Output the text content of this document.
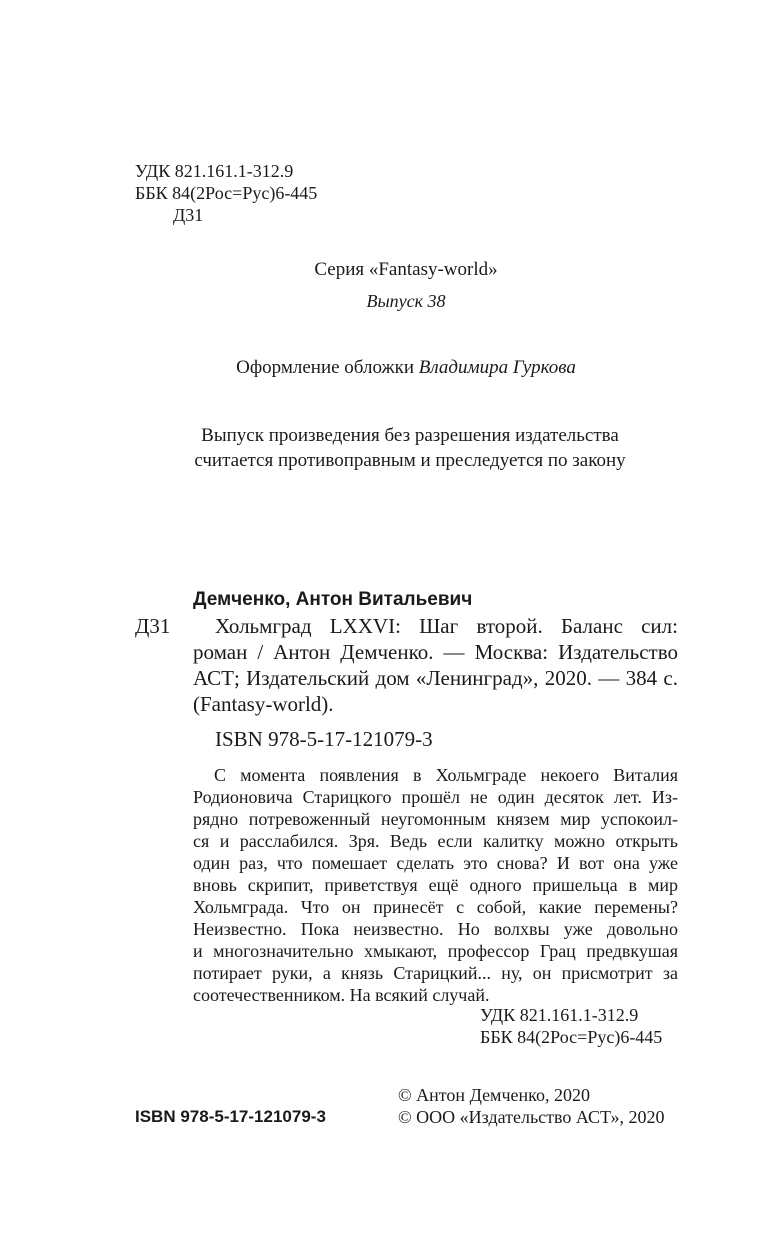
УДК 821.161.1-312.9
ББК 84(2Рос=Рус)6-445
Д31
Серия «Fantasy-world»
Выпуск 38
Оформление обложки Владимира Гуркова
Выпуск произведения без разрешения издательства
считается противоправным и преследуется по закону
Демченко, Антон Витальевич
Д31 Хольмград LXXVI: Шаг второй. Баланс сил:
роман / Антон Демченко. — Москва: Издательство
АСТ; Издательский дом «Ленинград», 2020. — 384 с.
(Fantasy-world).
ISBN 978-5-17-121079-3
С момента появления в Хольмграде некоего Виталия
Родионовича Старицкого прошёл не один десяток лет. Из-
рядно потревоженный неугомонным князем мир успокоил-
ся и расслабился. Зря. Ведь если калитку можно открыть
один раз, что помешает сделать это снова? И вот она уже
вновь скрипит, приветствуя ещё одного пришельца в мир
Хольмграда. Что он принесёт с собой, какие перемены?
Неизвестно. Пока неизвестно. Но волхвы уже довольно
и многозначительно хмыкают, профессор Грац предвкушая
потирает руки, а князь Старицкий... ну, он присмотрит за
соотечественником. На всякий случай.
УДК 821.161.1-312.9
ББК 84(2Рос=Рус)6-445
© Антон Демченко, 2020
ISBN 978-5-17-121079-3	© ООО «Издательство АСТ», 2020
